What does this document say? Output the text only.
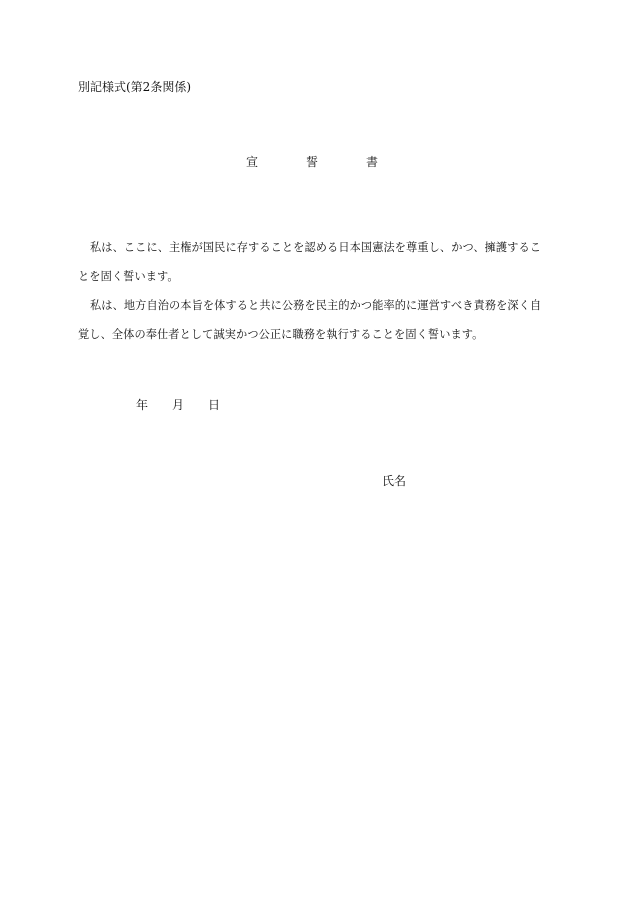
別記様式(第2条関係)
宣	誓	書

私は、ここに、主権が国民に存することを認める日本国憲法を尊重し、かつ、擁護することを固く誓います。

私は、地方自治の本旨を体すると共に公務を民主的かつ能率的に運営すべき責務を深く自覚し、全体の奉仕者として誠実かつ公正に職務を執行することを固く誓います。

年 月 日
氏名
